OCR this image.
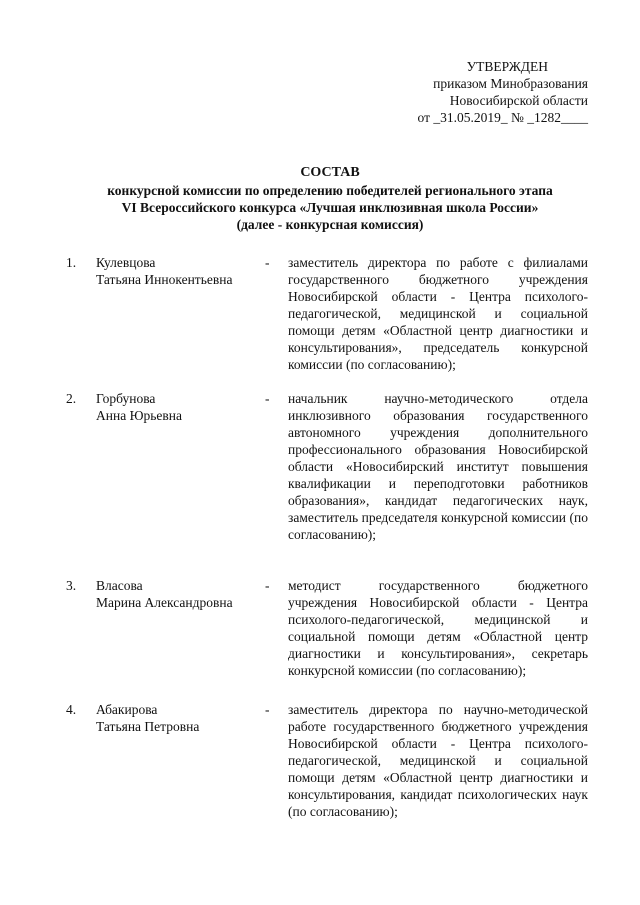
УТВЕРЖДЕН
приказом Минобразования
Новосибирской области
от _31.05.2019_ № _1282____
СОСТАВ
конкурсной комиссии по определению победителей регионального этапа
VI Всероссийского конкурса «Лучшая инклюзивная школа России»
(далее - конкурсная комиссия)
1. Кулевцова
Татьяна Иннокентьевна
- заместитель директора по работе с филиалами государственного бюджетного учреждения Новосибирской области - Центра психолого-педагогической, медицинской и социальной помощи детям «Областной центр диагностики и консультирования», председатель конкурсной комиссии (по согласованию);
2. Горбунова
Анна Юрьевна
- начальник научно-методического отдела инклюзивного образования государственного автономного учреждения дополнительного профессионального образования Новосибирской области «Новосибирский институт повышения квалификации и переподготовки работников образования», кандидат педагогических наук, заместитель председателя конкурсной комиссии (по согласованию);
3. Власова
Марина Александровна
- методист государственного бюджетного учреждения Новосибирской области - Центра психолого-педагогической, медицинской и социальной помощи детям «Областной центр диагностики и консультирования», секретарь конкурсной комиссии (по согласованию);
4. Абакирова
Татьяна Петровна
- заместитель директора по научно-методической работе государственного бюджетного учреждения Новосибирской области - Центра психолого-педагогической, медицинской и социальной помощи детям «Областной центр диагностики и консультирования, кандидат психологических наук (по согласованию);
